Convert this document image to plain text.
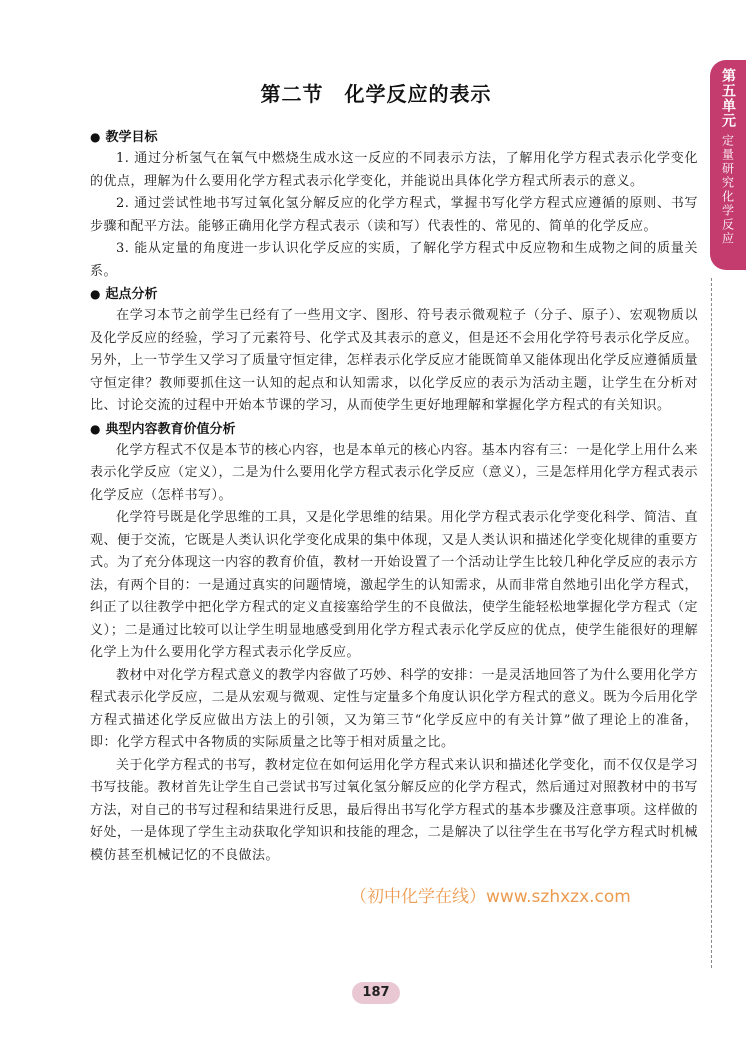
第二节　化学反应的表示	第五单元
定量研究化学反应
● 教学目标

1. 通过分析氢气在氧气中燃烧生成水这一反应的不同表示方法，了解用化学方程式表示化学变化的优点，理解为什么要用化学方程式表示化学变化，并能说出具体化学方程式所表示的意义。

2. 通过尝试性地书写过氧化氢分解反应的化学方程式，掌握书写化学方程式应遵循的原则、书写步骤和配平方法。能够正确用化学方程式表示（读和写）代表性的、常见的、简单的化学反应。

3. 能从定量的角度进一步认识化学反应的实质，了解化学方程式中反应物和生成物之间的质量关系。

● 起点分析

在学习本节之前学生已经有了一些用文字、图形、符号表示微观粒子（分子、原子）、宏观物质以及化学反应的经验，学习了元素符号、化学式及其表示的意义，但是还不会用化学符号表示化学反应。另外，上一节学生又学习了质量守恒定律，怎样表示化学反应才能既简单又能体现出化学反应遵循质量守恒定律？教师要抓住这一认知的起点和认知需求，以化学反应的表示为活动主题，让学生在分析对比、讨论交流的过程中开始本节课的学习，从而使学生更好地理解和掌握化学方程式的有关知识。

● 典型内容教育价值分析

化学方程式不仅是本节的核心内容，也是本单元的核心内容。基本内容有三：一是化学上用什么来表示化学反应（定义），二是为什么要用化学方程式表示化学反应（意义），三是怎样用化学方程式表示化学反应（怎样书写）。

化学符号既是化学思维的工具，又是化学思维的结果。用化学方程式表示化学变化科学、简洁、直观、便于交流，它既是人类认识化学变化成果的集中体现，又是人类认识和描述化学变化规律的重要方式。为了充分体现这一内容的教育价值，教材一开始设置了一个活动让学生比较几种化学反应的表示方法，有两个目的：一是通过真实的问题情境，激起学生的认知需求，从而非常自然地引出化学方程式，纠正了以往教学中把化学方程式的定义直接塞给学生的不良做法，使学生能轻松地掌握化学方程式（定义）；二是通过比较可以让学生明显地感受到用化学方程式表示化学反应的优点，使学生能很好的理解化学上为什么要用化学方程式表示化学反应。

教材中对化学方程式意义的教学内容做了巧妙、科学的安排：一是灵活地回答了为什么要用化学方程式表示化学反应，二是从宏观与微观、定性与定量多个角度认识化学方程式的意义。既为今后用化学方程式描述化学反应做出方法上的引领，又为第三节“化学反应中的有关计算”做了理论上的准备，即：化学方程式中各物质的实际质量之比等于相对质量之比。

关于化学方程式的书写，教材定位在如何运用化学方程式来认识和描述化学变化，而不仅仅是学习书写技能。教材首先让学生自己尝试书写过氧化氢分解反应的化学方程式，然后通过对照教材中的书写方法，对自己的书写过程和结果进行反思，最后得出书写化学方程式的基本步骤及注意事项。这样做的好处，一是体现了学生主动获取化学知识和技能的理念，二是解决了以往学生在书写化学方程式时机械模仿甚至机械记忆的不良做法。

（初中化学在线）www.szhxzx.com
187
